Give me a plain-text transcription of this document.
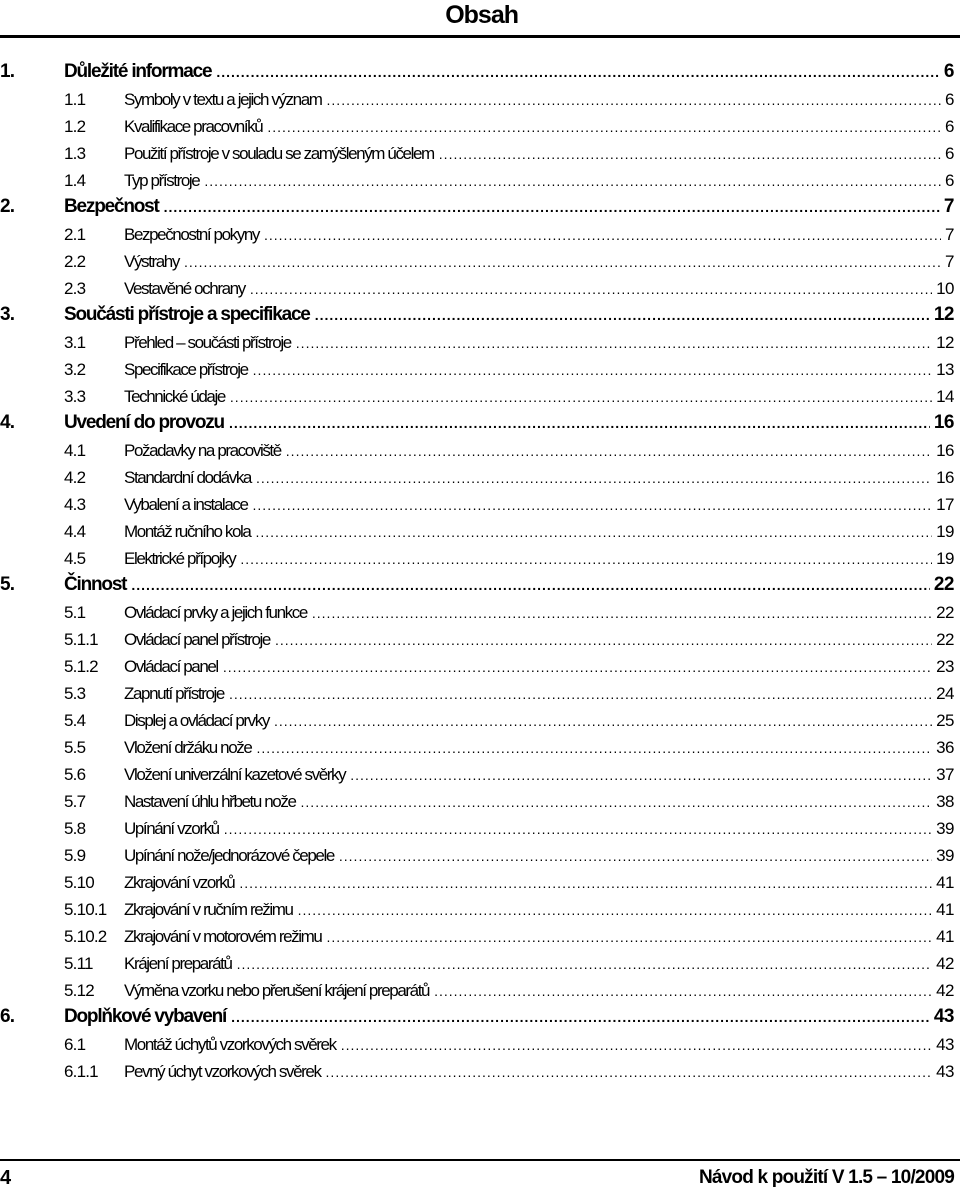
Obsah
1.	Důležité informace .....	6
1.1 Symboly v textu a jejich význam .....	6
1.2 Kvalifikace pracovníků .....	6
1.3 Použití přístroje v souladu se zamýšleným účelem .....	6
1.4 Typ přístroje .....	6
2.	Bezpečnost .....	7
2.1 Bezpečnostní pokyny .....	7
2.2 Výstrahy .....	7
2.3 Vestavěné ochrany .....	10
3.	Součásti přístroje a specifikace .....	12
3.1 Přehled – součásti přístroje .....	12
3.2 Specifikace přístroje .....	13
3.3 Technické údaje .....	14
4.	Uvedení do provozu .....	16
4.1 Požadavky na pracoviště .....	16
4.2 Standardní dodávka .....	16
4.3 Vybalení a instalace .....	17
4.4 Montáž ručního kola .....	19
4.5 Elektrické přípojky .....	19
5.	Činnost .....	22
5.1 Ovládací prvky a jejich funkce .....	22
5.1.1 Ovládací panel přístroje .....	22
5.1.2 Ovládací panel .....	23
5.3 Zapnutí přístroje .....	24
5.4 Displej a ovládací prvky .....	25
5.5 Vložení držáku nože .....	36
5.6 Vložení univerzální kazetové svěrky .....	37
5.7 Nastavení úhlu hřbetu nože .....	38
5.8 Upínání vzorků .....	39
5.9 Upínání nože/jednorázové čepele .....	39
5.10 Zkrajování vzorků .....	41
5.10.1 Zkrajování v ručním režimu .....	41
5.10.2 Zkrajování v motorovém režimu .....	41
5.11 Krájení preparátů .....	42
5.12 Výměna vzorku nebo přerušení krájení preparátů .....	42
6.	Doplňkové vybavení .....	43
6.1 Montáž úchytů vzorkových svěrek .....	43
6.1.1 Pevný úchyt vzorkových svěrek .....	43
4	Návod k použití V 1.5 – 10/2009
